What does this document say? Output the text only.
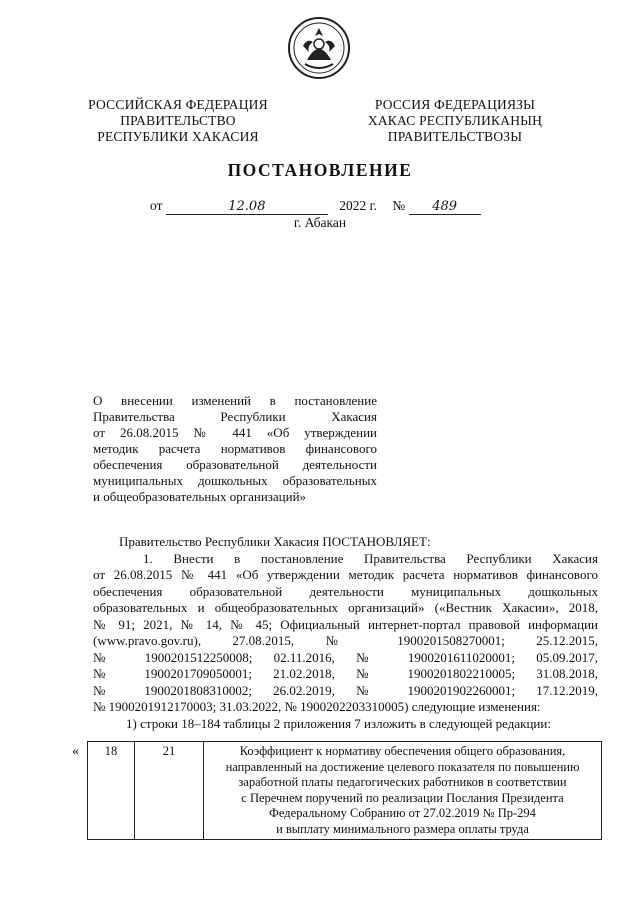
РОССИЙСКАЯ ФЕДЕРАЦИЯ
ПРАВИТЕЛЬСТВО
РЕСПУБЛИКИ ХАКАСИЯ
РОССИЯ ФЕДЕРАЦИЯЗЫ
ХАКАС РЕСПУБЛИКАНЫҢ
ПРАВИТЕЛЬСТВОЗЫ
ПОСТАНОВЛЕНИЕ
от	12.08	2022 г. № 489
г. Абакан
О внесении изменений в постановление
Правительства Республики Хакасия
от 26.08.2015 № 441 «Об утверждении
методик расчета нормативов финансового
обеспечения образовательной деятельности
муниципальных дошкольных образовательных
и общеобразовательных организаций»
Правительство Республики Хакасия ПОСТАНОВЛЯЕТ:
1. Внести в постановление Правительства Республики Хакасия
от 26.08.2015 № 441 «Об утверждении методик расчета нормативов финансового
обеспечения образовательной деятельности муниципальных дошкольных
образовательных и общеобразовательных организаций» («Вестник Хакасии», 2018,
№ 91; 2021, № 14, № 45; Официальный интернет-портал правовой информации
(www.pravo.gov.ru), 27.08.2015, № 1900201508270001; 25.12.2015,
№ 1900201512250008; 02.11.2016, № 1900201611020001; 05.09.2017,
№ 1900201709050001; 21.02.2018, № 1900201802210005; 31.08.2018,
№ 1900201808310002; 26.02.2019, № 1900201902260001; 17.12.2019,
№ 1900201912170003; 31.03.2022, № 1900202203310005) следующие изменения:
1) строки 18–184 таблицы 2 приложения 7 изложить в следующей редакции:
« 18	21	Коэффициент к нормативу обеспечения общего образования,
направленный на достижение целевого показателя по повышению
заработной платы педагогических работников в соответствии
с Перечнем поручений по реализации Послания Президента
Федеральному Собранию от 27.02.2019 № Пр-294
и выплату минимального размера оплаты труда
